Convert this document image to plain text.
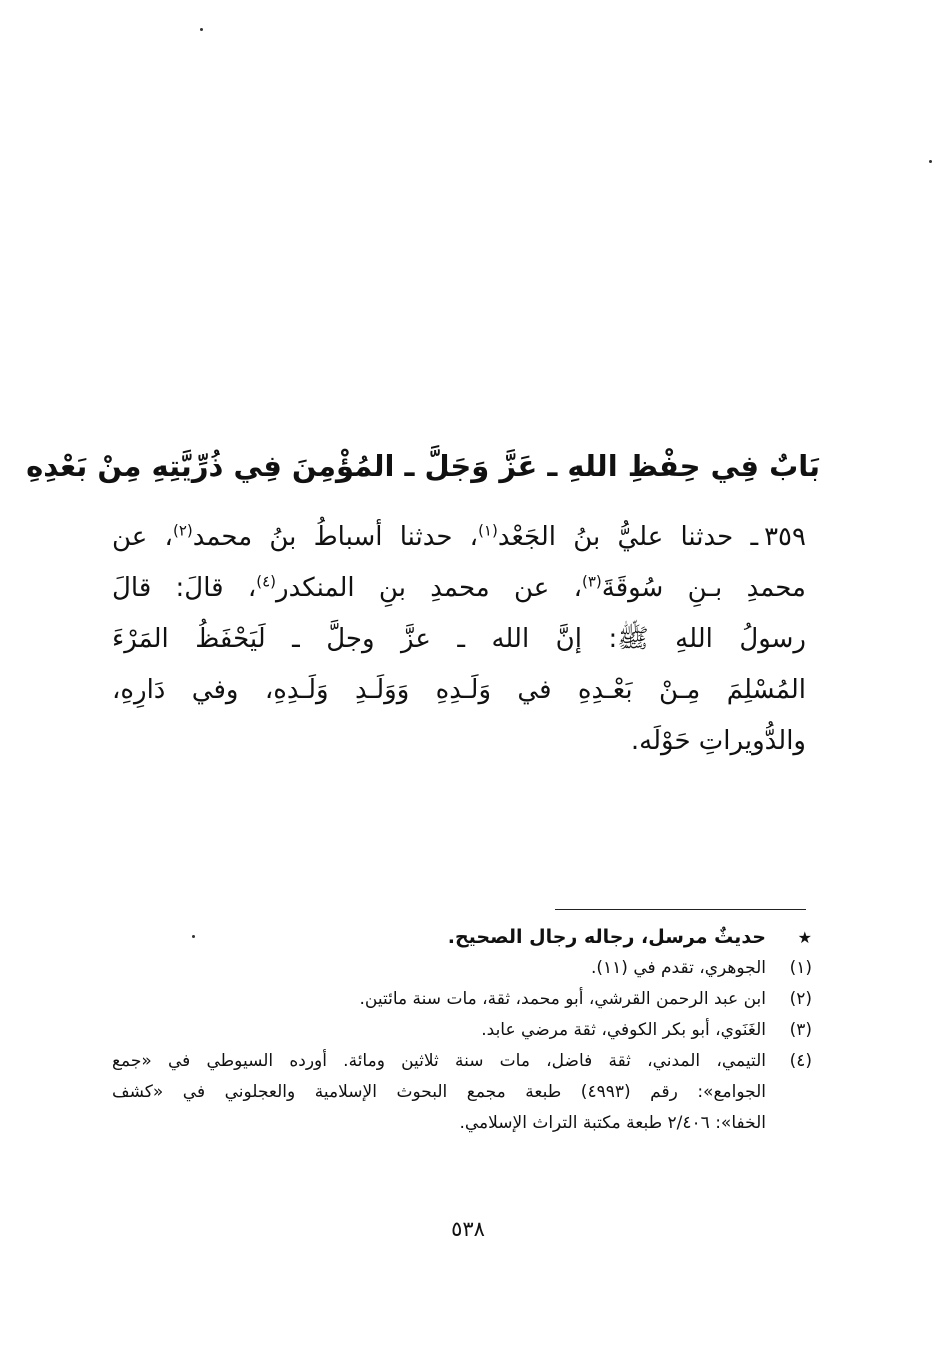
بَابٌ فِي حِفْظِ اللهِ ـ عَزَّ وَجَلَّ ـ المُؤْمِنَ فِي ذُرِّيَّتِهِ مِنْ بَعْدِهِ
٣٥٩ـ حدثنا عليُّ بنُ الجَعْد$^{(١)}$، حدثنا أسباطُ بنُ محمد$^{(٢)}$، عن
محمدِ بـنِ سُوقَةَ$^{(٣)}$، عن محمدِ بنِ المنكدر$^{(٤)}$، قالَ: قالَ
رسولُ اللهِ ﷺ: إنَّ الله ـ عزَّ وجلَّ ـ لَيَحْفَظُ المَرْءَ
المُسْلِمَ مِـنْ بَعْـدِهِ في وَلَـدِهِ وَوَلَـدِ وَلَـدِهِ، وفي دَارِهِ،
والدُّويراتِ حَوْلَه.
★
حديثٌ مرسل، رجاله رجال الصحيح.
(١)
الجوهري، تقدم في (١١).
(٢)
ابن عبد الرحمن القرشي، أبو محمد، ثقة، مات سنة مائتين.
(٣)
الغَنَوي، أبو بكر الكوفي، ثقة مرضي عابد.
(٤)
التيمي، المدني، ثقة فاضل، مات سنة ثلاثين ومائة. أورده السيوطي في «جمع
الجوامع»: رقم (٤٩٩٣) طبعة مجمع البحوث الإسلامية والعجلوني في «كشف
الخفا»: ٢/٤٠٦ طبعة مكتبة التراث الإسلامي.
٥٣٨
